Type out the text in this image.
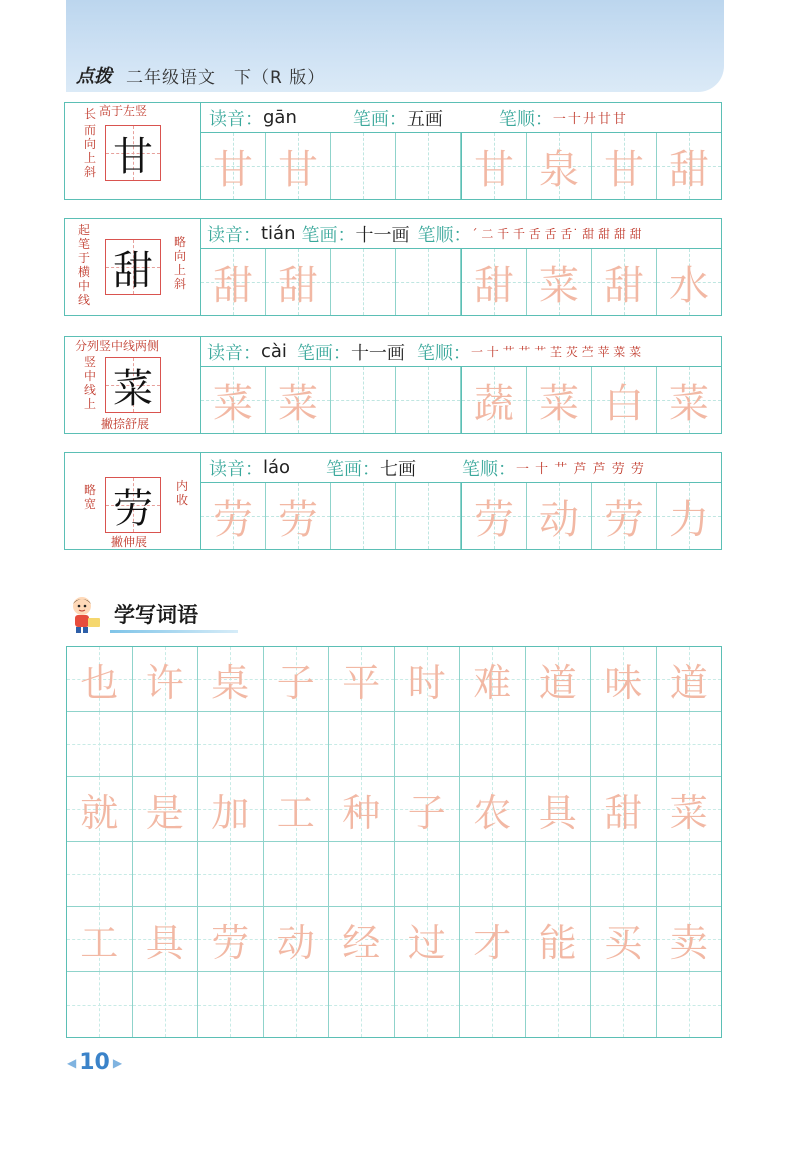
点拨 二年级语文　下（R 版）
长 高于左竖
而向上斜 甘
读音： gān	笔画： 五画	笔顺： 一十廾廿甘
甘 甘	甘 泉 甘 甜
起笔于横中线
甜
略向上斜
读音： tián 笔画： 十一画 笔顺： ˊ 二 千 千 舌 舌 舌˙ 甜 甜 甜 甜
甜 甜	甜 菜 甜 水
分列竖中线两侧
竖中线上 菜
撇捺舒展
读音： cài 笔画： 十一画 笔顺： 一 十 艹 艹 艹 芏 苂 苎 苹 菜 菜
菜 菜	蔬 菜 白 菜
略宽 劳	内收
撇伸展
读音： láo 笔画： 七画	笔顺： 一 十 艹 芦 芦 劳 劳
劳 劳	劳 动 劳 力
学写词语
也 许 桌 子 平 时 难 道 味 道
就 是 加 工 种 子 农 具 甜 菜
工 具 劳 动 经 过 才 能 买 卖
◀ 10 ▶
